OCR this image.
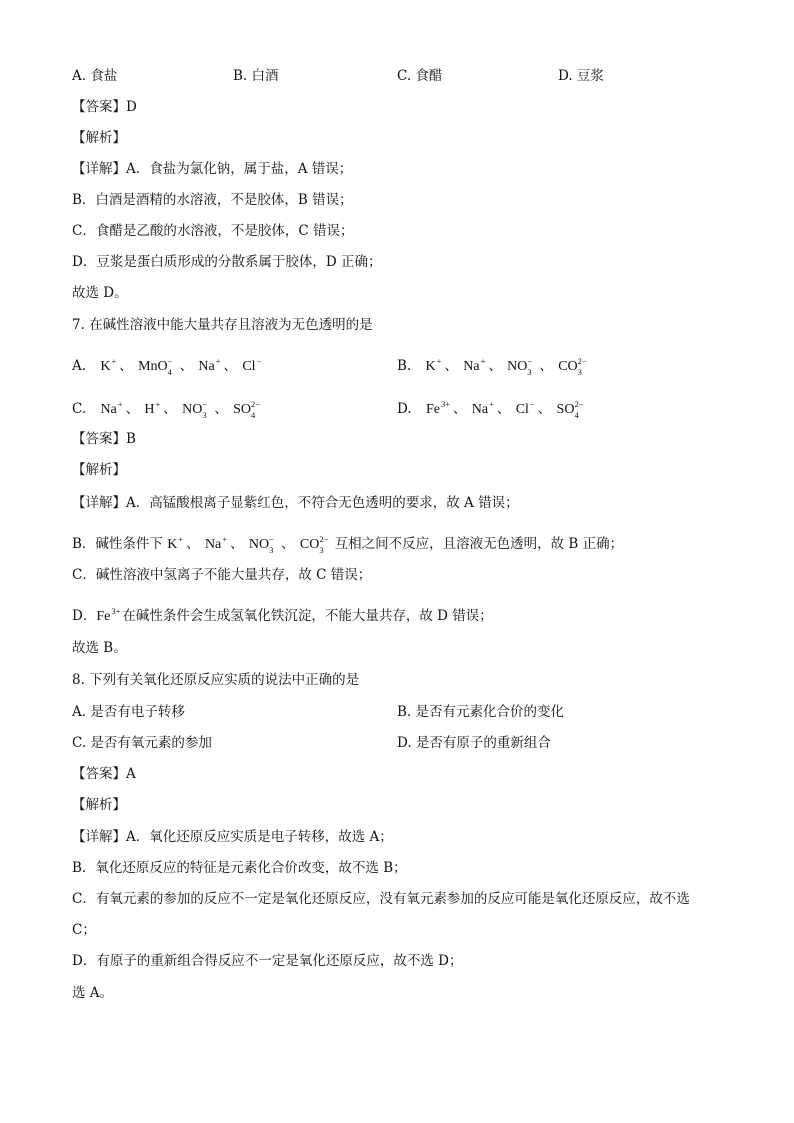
A. 食盐	B. 白酒	C. 食醋	D. 豆浆
【答案】D
【解析】
【详解】A．食盐为氯化钠，属于盐，A 错误；
B．白酒是酒精的水溶液，不是胶体，B 错误；
C．食醋是乙酸的水溶液，不是胶体，C 错误；
D．豆浆是蛋白质形成的分散系属于胶体，D 正确；
故选 D。
7. 在碱性溶液中能大量共存且溶液为无色透明的是
A. K+ 、 MnO −
4 、 Na+ 、 Cl−	B. K+ 、 Na+ 、 NO −
3 、 CO 2−
3
C. Na+ 、 H+ 、 NO −
3 、 SO 2−
4	D. $Fe^{3+}$ 、 Na+ 、 Cl− 、 SO 2−
4
【答案】B
【解析】
【详解】A．高锰酸根离子显紫红色，不符合无色透明的要求，故 A 错误；
B．碱性条件下 K+ 、 Na+ 、 NO −
3 、 CO 2−
3 互相之间不反应，且溶液无色透明，故 B 正确；
C．碱性溶液中氢离子不能大量共存，故 C 错误；
D．$Fe^{3+}$ 在碱性条件会生成氢氧化铁沉淀，不能大量共存，故 D 错误；
故选 B。
8. 下列有关氧化还原反应实质的说法中正确的是
A. 是否有电子转移	B. 是否有元素化合价的变化
C. 是否有氧元素的参加	D. 是否有原子的重新组合
【答案】A
【解析】
【详解】A．氧化还原反应实质是电子转移，故选 A；
B．氧化还原反应的特征是元素化合价改变，故不选 B；
C．有氧元素的参加的反应不一定是氧化还原反应，没有氧元素参加的反应可能是氧化还原反应，故不选
C；
D．有原子的重新组合得反应不一定是氧化还原反应，故不选 D；
选 A。
